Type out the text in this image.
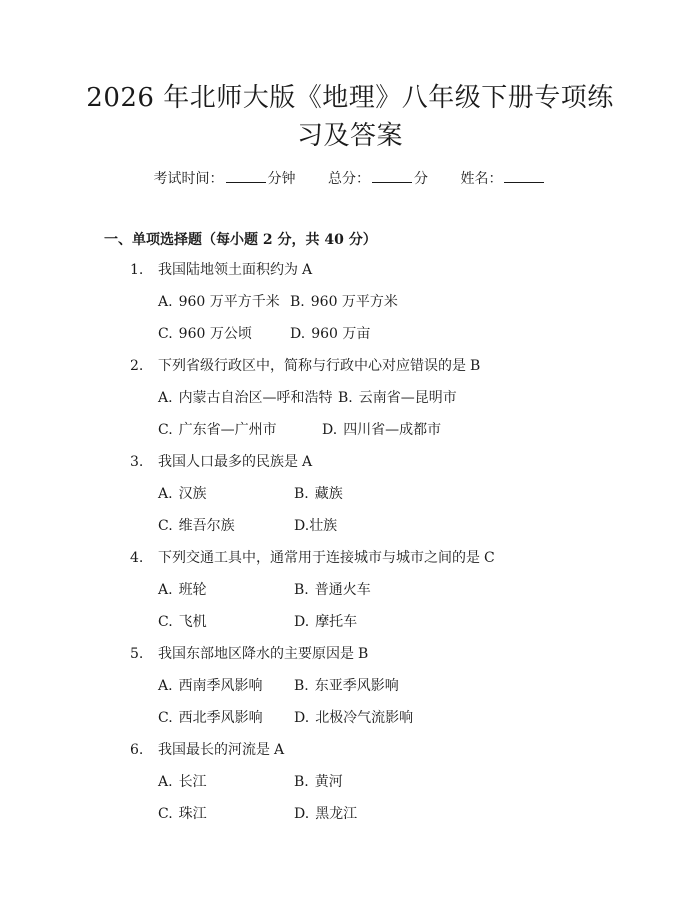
2026 年北师大版《地理》八年级下册专项练
习及答案
考试时间：	分钟 总分：	分 姓名：
一、单项选择题（每小题 2 分，共 40 分）
1. 我国陆地领土面积约为 A
A. 960 万平方千米 B. 960 万平方米
C. 960 万公顷	D. 960 万亩
2. 下列省级行政区中，简称与行政中心对应错误的是 B
A. 内蒙古自治区—呼和浩特 B. 云南省—昆明市
C. 广东省—广州市	D. 四川省—成都市
3. 我国人口最多的民族是 A
A. 汉族	B. 藏族
C. 维吾尔族	D.壮族
4. 下列交通工具中，通常用于连接城市与城市之间的是 C
A. 班轮	B. 普通火车
C. 飞机	D. 摩托车
5. 我国东部地区降水的主要原因是 B
A. 西南季风影响 B. 东亚季风影响
C. 西北季风影响 D. 北极冷气流影响
6. 我国最长的河流是 A
A. 长江	B. 黄河
C. 珠江	D. 黑龙江
